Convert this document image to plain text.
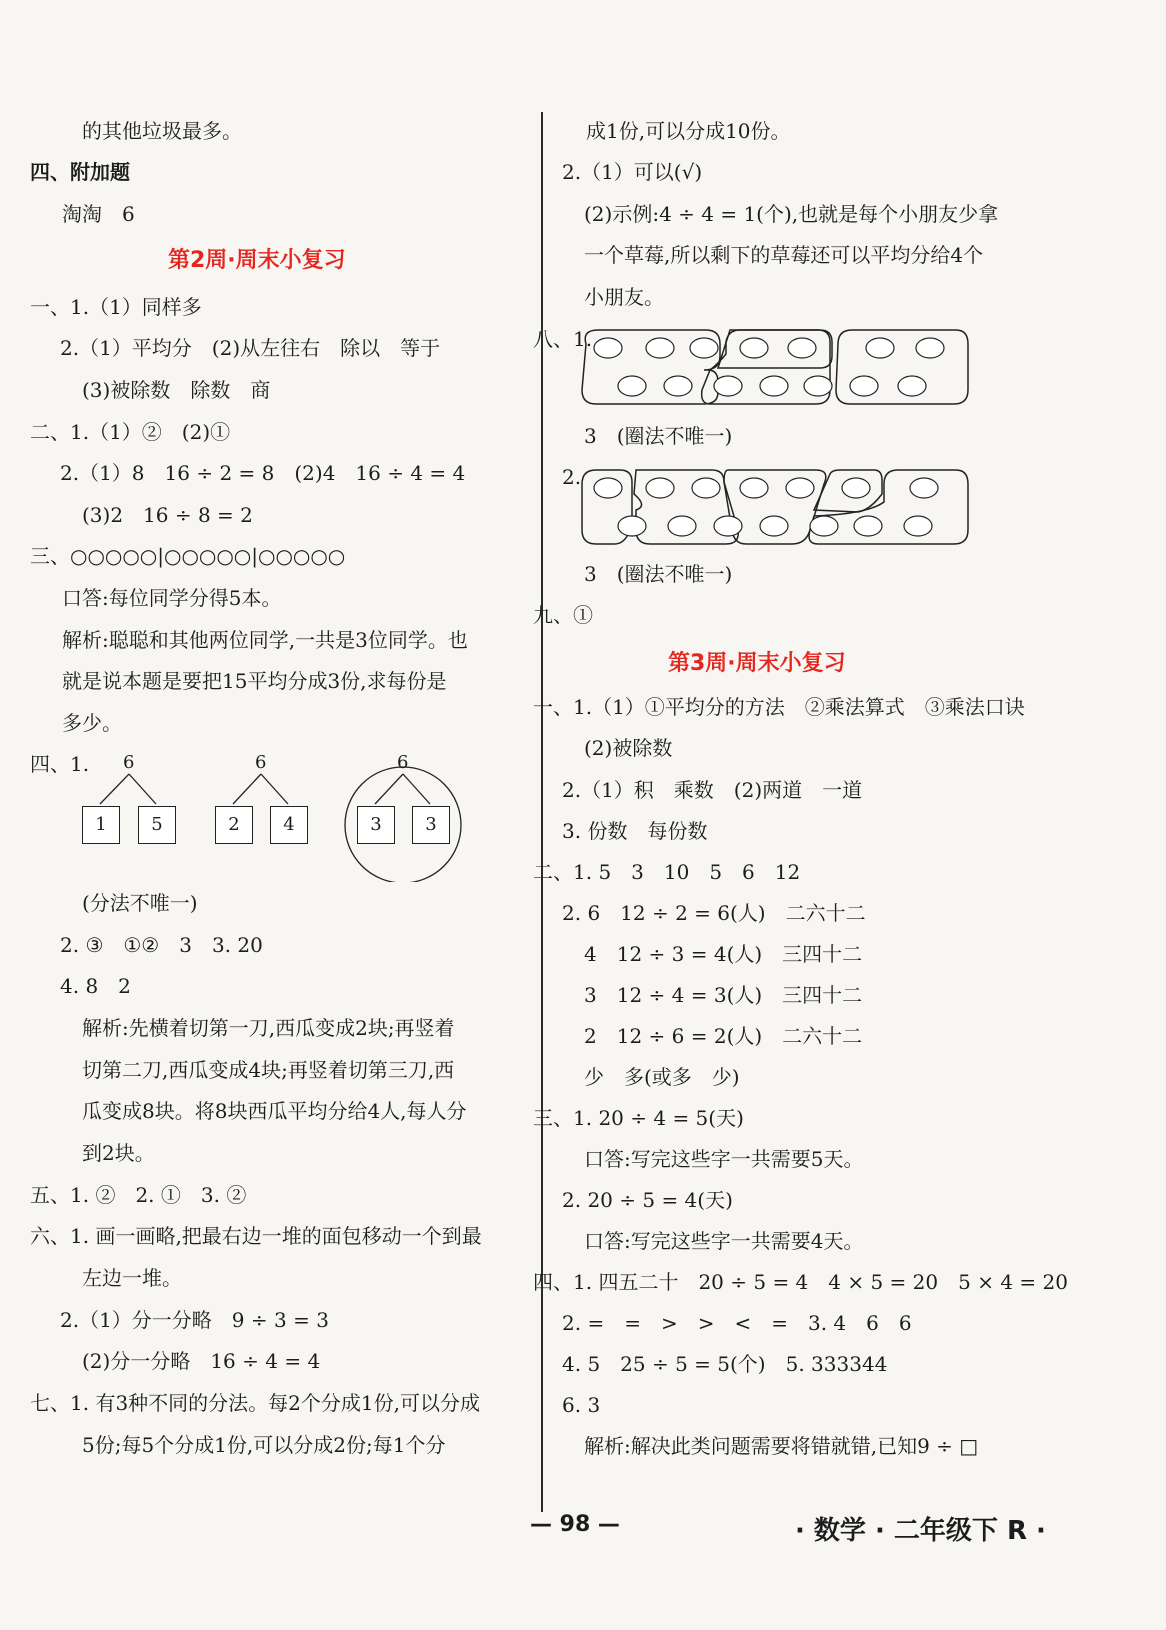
的其他垃圾最多。
四、附加题
淘淘　6
第2周·周末小复习
一、1.（1）同样多
2.（1）平均分　(2)从左往右　除以　等于
(3)被除数　除数　商
二、1.（1）②　(2)①
2.（1）8　16 ÷ 2 = 8　(2)4　16 ÷ 4 = 4
(3)2　16 ÷ 8 = 2
三、○○○○○|○○○○○|○○○○○
口答:每位同学分得5本。
解析:聪聪和其他两位同学,一共是3位同学。也
就是说本题是要把15平均分成3份,求每份是
多少。
四、1. 6
1	5
6
2	4
6
3	3
(分法不唯一)
2. ③　①②　3　3. 20
4. 8　2
解析:先横着切第一刀,西瓜变成2块;再竖着
切第二刀,西瓜变成4块;再竖着切第三刀,西
瓜变成8块。将8块西瓜平均分给4人,每人分
到2块。
五、1. ②　2. ①　3. ②
六、1. 画一画略,把最右边一堆的面包移动一个到最
左边一堆。
2.（1）分一分略　9 ÷ 3 = 3
(2)分一分略　16 ÷ 4 = 4
七、1. 有3种不同的分法。每2个分成1份,可以分成
5份;每5个分成1份,可以分成2份;每1个分
成1份,可以分成10份。
2.（1）可以(√)
(2)示例:4 ÷ 4 = 1(个),也就是每个小朋友少拿
一个草莓,所以剩下的草莓还可以平均分给4个
小朋友。
八、1.
3　(圈法不唯一)
2.
3　(圈法不唯一)
九、①
第3周·周末小复习
一、1.（1）①平均分的方法　②乘法算式　③乘法口诀
(2)被除数
2.（1）积　乘数　(2)两道　一道
3. 份数　每份数
二、1. 5　3　10　5　6　12
2. 6　12 ÷ 2 = 6(人)　二六十二
4　12 ÷ 3 = 4(人)　三四十二
3　12 ÷ 4 = 3(人)　三四十二
2　12 ÷ 6 = 2(人)　二六十二
少　多(或多　少)
三、1. 20 ÷ 4 = 5(天)
口答:写完这些字一共需要5天。
2. 20 ÷ 5 = 4(天)
口答:写完这些字一共需要4天。
四、1. 四五二十　20 ÷ 5 = 4　4 × 5 = 20　5 × 4 = 20
2. =　=　>　>　<　=　3. 4　6　6
4. 5　25 ÷ 5 = 5(个)　5. 333344
6. 3
解析:解决此类问题需要将错就错,已知9 ÷ □
— 98 —	· 数学 · 二年级下 R ·
